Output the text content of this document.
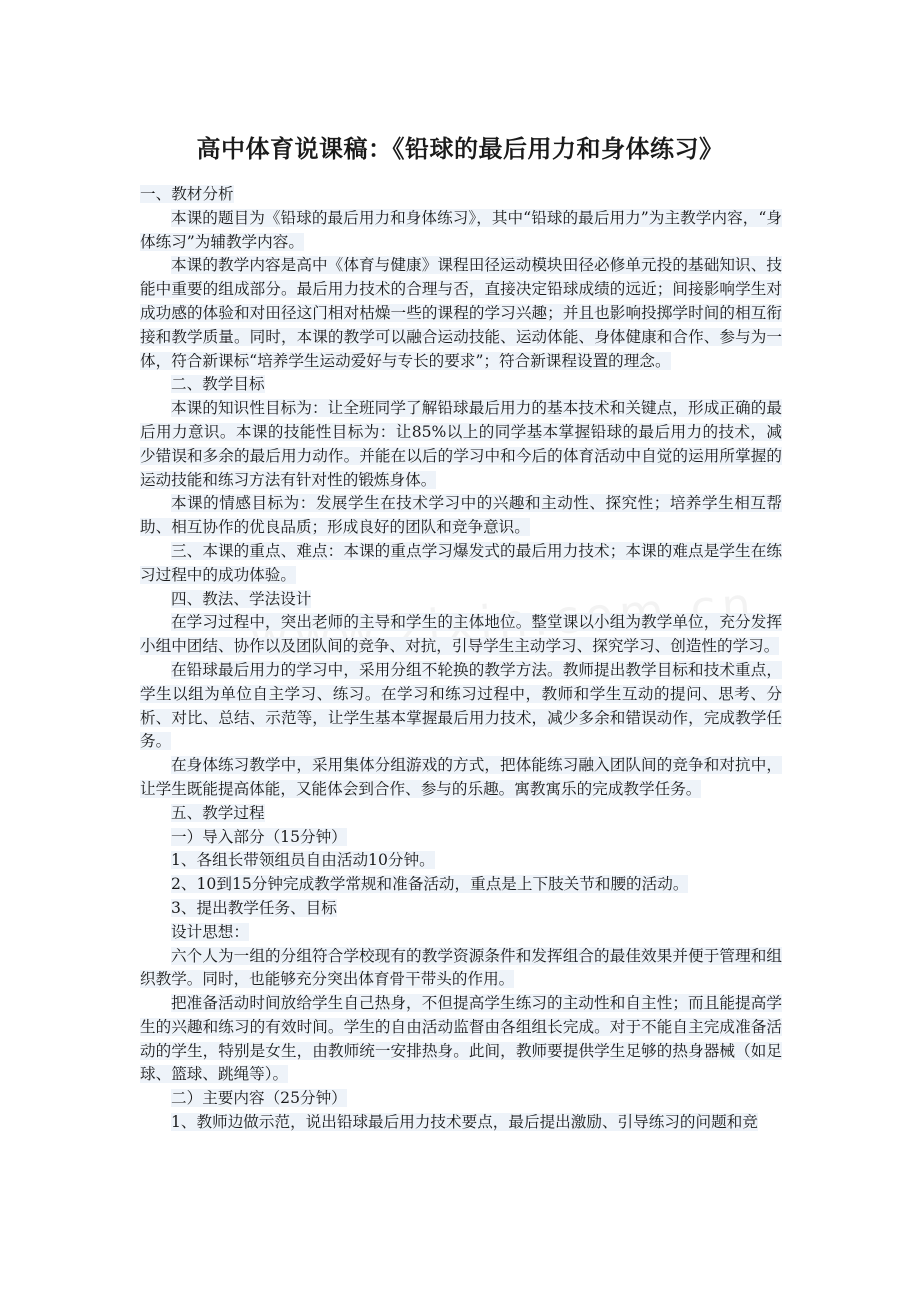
高中体育说课稿：《铅球的最后用力和身体练习》

一、教材分析

本课的题目为《铅球的最后用力和身体练习》，其中“铅球的最后用力”为主教学内容，“身体练习”为辅教学内容。

本课的教学内容是高中《体育与健康》课程田径运动模块田径必修单元投的基础知识、技能中重要的组成部分。最后用力技术的合理与否，直接决定铅球成绩的远近；间接影响学生对成功感的体验和对田径这门相对枯燥一些的课程的学习兴趣；并且也影响投掷学时间的相互衔接和教学质量。同时，本课的教学可以融合运动技能、运动体能、身体健康和合作、参与为一体，符合新课标“培养学生运动爱好与专长的要求”；符合新课程设置的理念。

二、教学目标

本课的知识性目标为：让全班同学了解铅球最后用力的基本技术和关键点，形成正确的最后用力意识。本课的技能性目标为：让85%以上的同学基本掌握铅球的最后用力的技术，减少错误和多余的最后用力动作。并能在以后的学习中和今后的体育活动中自觉的运用所掌握的运动技能和练习方法有针对性的锻炼身体。

本课的情感目标为：发展学生在技术学习中的兴趣和主动性、探究性；培养学生相互帮助、相互协作的优良品质；形成良好的团队和竞争意识。

三、本课的重点、难点：本课的重点学习爆发式的最后用力技术；本课的难点是学生在练习过程中的成功体验。

四、教法、学法设计

在学习过程中，突出老师的主导和学生的主体地位。整堂课以小组为教学单位，充分发挥小组中团结、协作以及团队间的竞争、对抗，引导学生主动学习、探究学习、创造性的学习。

在铅球最后用力的学习中，采用分组不轮换的教学方法。教师提出教学目标和技术重点，学生以组为单位自主学习、练习。在学习和练习过程中，教师和学生互动的提问、思考、分析、对比、总结、示范等，让学生基本掌握最后用力技术，减少多余和错误动作，完成教学任务。

在身体练习教学中，采用集体分组游戏的方式，把体能练习融入团队间的竞争和对抗中，让学生既能提高体能，又能体会到合作、参与的乐趣。寓教寓乐的完成教学任务。

五、教学过程

一）导入部分（15分钟）

1、各组长带领组员自由活动10分钟。

2、10到15分钟完成教学常规和准备活动，重点是上下肢关节和腰的活动。

3、提出教学任务、目标

设计思想：

六个人为一组的分组符合学校现有的教学资源条件和发挥组合的最佳效果并便于管理和组织教学。同时，也能够充分突出体育骨干带头的作用。

把准备活动时间放给学生自己热身，不但提高学生练习的主动性和自主性；而且能提高学生的兴趣和练习的有效时间。学生的自由活动监督由各组组长完成。对于不能自主完成准备活动的学生，特别是女生，由教师统一安排热身。此间，教师要提供学生足够的热身器械（如足球、篮球、跳绳等）。

二）主要内容（25分钟）

1、教师边做示范，说出铅球最后用力技术要点，最后提出激励、引导练习的问题和竞
